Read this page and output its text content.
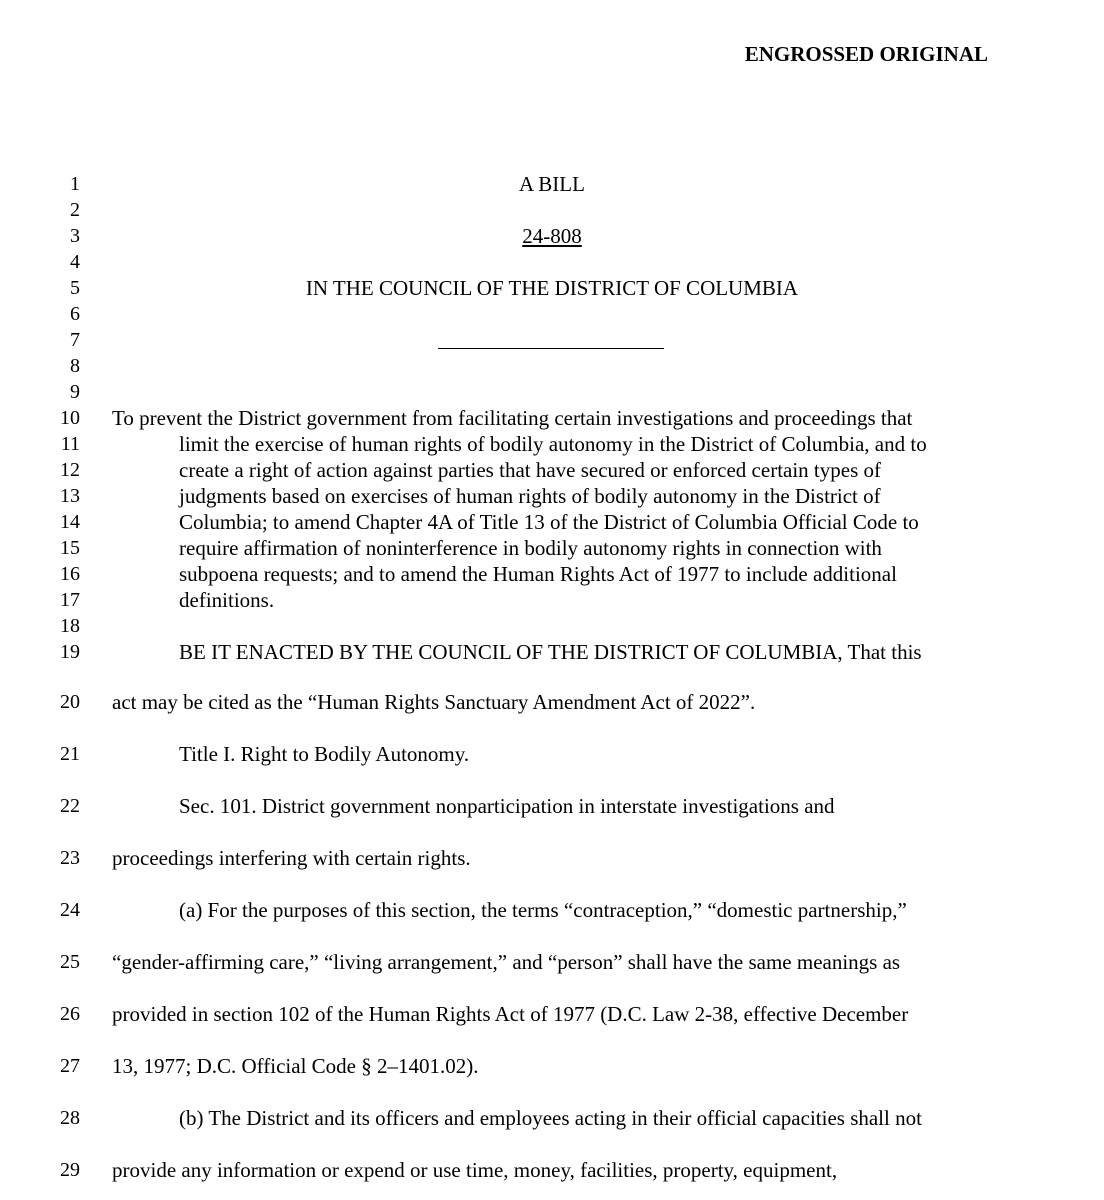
ENGROSSED ORIGINAL
A BILL
24-808
IN THE COUNCIL OF THE DISTRICT OF COLUMBIA
1
2
3
4
5
6
7
8
9
10
11
12
13
14
15
16
17
18
19
20
21
22
23
24
25
26
27
28
29
To prevent the District government from facilitating certain investigations and proceedings that
limit the exercise of human rights of bodily autonomy in the District of Columbia, and to
create a right of action against parties that have secured or enforced certain types of
judgments based on exercises of human rights of bodily autonomy in the District of
Columbia; to amend Chapter 4A of Title 13 of the District of Columbia Official Code to
require affirmation of noninterference in bodily autonomy rights in connection with
subpoena requests; and to amend the Human Rights Act of 1977 to include additional
definitions.
BE IT ENACTED BY THE COUNCIL OF THE DISTRICT OF COLUMBIA, That this
act may be cited as the “Human Rights Sanctuary Amendment Act of 2022”.
Title I. Right to Bodily Autonomy.
Sec. 101. District government nonparticipation in interstate investigations and
proceedings interfering with certain rights.
(a) For the purposes of this section, the terms “contraception,” “domestic partnership,”
“gender-affirming care,” “living arrangement,” and “person” shall have the same meanings as
provided in section 102 of the Human Rights Act of 1977 (D.C. Law 2-38, effective December
13, 1977; D.C. Official Code § 2–1401.02).
(b) The District and its officers and employees acting in their official capacities shall not
provide any information or expend or use time, money, facilities, property, equipment,
